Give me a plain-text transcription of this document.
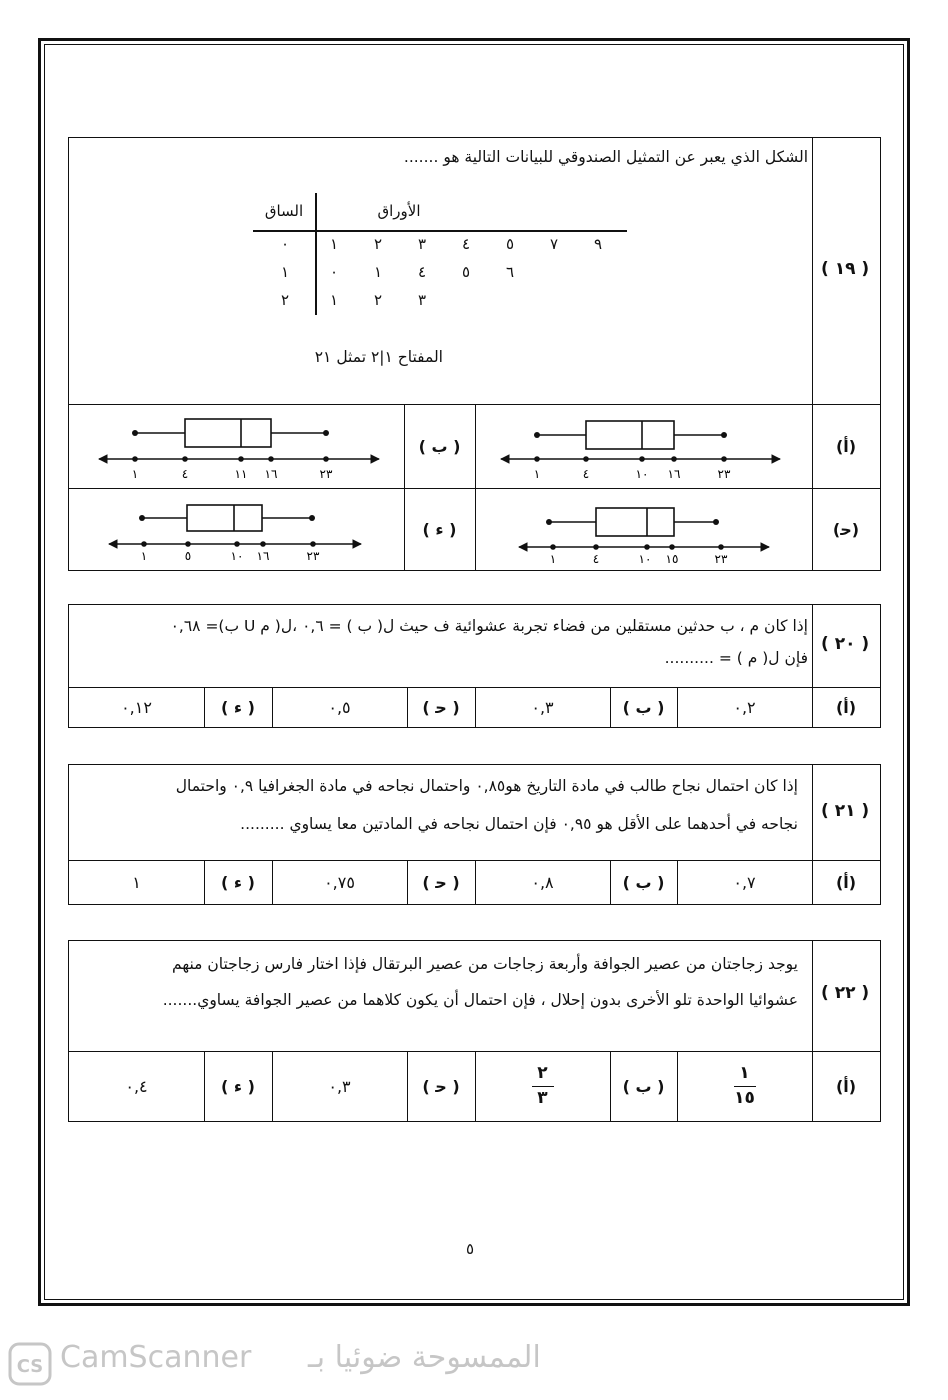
( ١٩ )
الشكل الذي يعبر عن التمثيل الصندوقي للبيانات التالية هو .......
الساق	الأوراق
٠	١ ٢ ٣ ٤ ٥ ٧ ٩
١	٠ ١ ٤ ٥ ٦
٢	١ ٢ ٣
المفتاح ١|٢ تمثل ٢١
(أ)
( ب )
(ﺣ)
( ء )
١	٤	١٠ ١٦	٢٣
١	٤	١١ ١٦	٢٣
١	٤	١٠ ١٥	٢٣
١	٥	١٠ ١٦	٢٣
( ٢٠ )
إذا كان م ، ب حدثين مستقلين من فضاء تجربة عشوائية ف حيث ل( ب ) = ٠,٦ ،ل( م U ب)= ٠,٦٨
فإن ل( م ) = ..........
(أ)
٠,٢
( ب )
٠,٣
( ﺣ )
٠,٥
( ء )
٠,١٢
( ٢١ )
إذا كان احتمال نجاح طالب في مادة التاريخ هو٠,٨٥ واحتمال نجاحه في مادة الجغرافيا ٠,٩ واحتمال
نجاحه في أحدهما على الأقل هو ٠,٩٥ فإن احتمال نجاحه في المادتين معا يساوي .........
(أ)
٠,٧
( ب )
٠,٨
( ﺣ )
٠,٧٥
( ء )
١
( ٢٢ )
يوجد زجاجتان من عصير الجوافة وأربعة زجاجات من عصير البرتقال فإذا اختار فارس زجاجتان منهم
عشوائيا الواحدة تلو الأخرى بدون إحلال ، فإن احتمال أن يكون كلاهما من عصير الجوافة يساوي.......
(أ)
$\frac{١}{١٥}$
( ب )
$\frac{٢}{٣}$
( ﺣ )
٠,٣
( ء )
٠,٤
٥
CS CamScanner الممسوحة ضوئيا بـ
